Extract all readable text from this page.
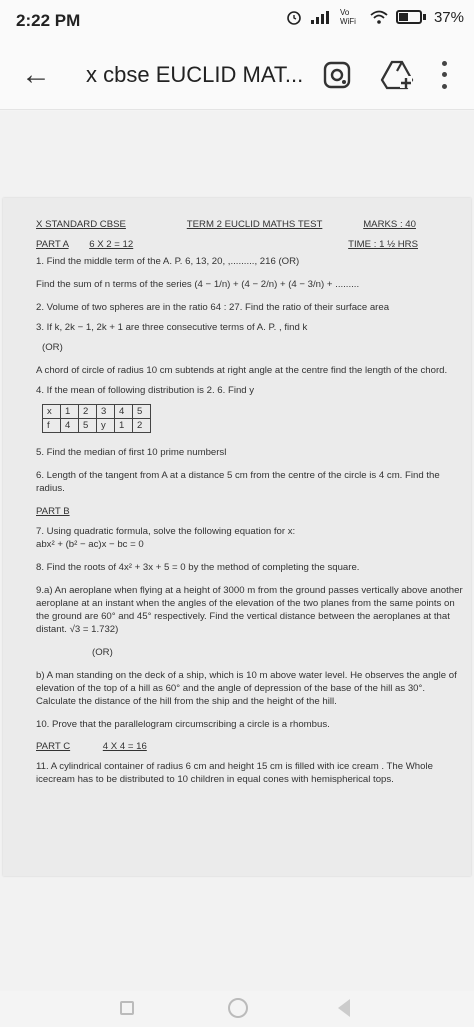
2:22 PM	Vo WiFi	37%
← x cbse EUCLID MAT...
X STANDARD CBSE	TERM 2 EUCLID MATHS TEST	MARKS : 40
PART A 6 X 2 = 12	TIME : 1 ½ HRS

1. Find the middle term of the A. P. 6, 13, 20, ,........., 216 (OR)

Find the sum of n terms of the series (4 − 1/n) + (4 − 2/n) + (4 − 3/n) + .........

2. Volume of two spheres are in the ratio 64 : 27. Find the ratio of their surface area

3. If k, 2k − 1, 2k + 1 are three consecutive terms of A. P. , find k

(OR)

A chord of circle of radius 10 cm subtends at right angle at the centre find the length of the chord.

4. If the mean of following distribution is 2. 6. Find y

x	1	2	3	4	5
f	4	5	y	1	2

5. Find the median of first 10 prime numbersl

6. Length of the tangent from A at a distance 5 cm from the centre of the circle is 4 cm. Find the radius.

PART B

7. Using quadratic formula, solve the following equation for x:

abx² + (b² − ac)x − bc = 0

8. Find the roots of 4x² + 3x + 5 = 0 by the method of completing the square.

9.a) An aeroplane when flying at a height of 3000 m from the ground passes vertically above another aeroplane at an instant when the angles of the elevation of the two planes from the same points on the ground are 60° and 45° respectively. Find the vertical distance between the aeroplanes at that distant. √3 = 1.732)

(OR)

b) A man standing on the deck of a ship, which is 10 m above water level. He observes the angle of elevation of the top of a hill as 60° and the angle of depression of the base of the hill as 30°. Calculate the distance of the hill from the ship and the height of the hill.

10. Prove that the parallelogram circumscribing a circle is a rhombus.

PART C	4 X 4 = 16

11. A cylindrical container of radius 6 cm and height 15 cm is filled with ice cream . The Whole icecream has to be distributed to 10 children in equal cones with hemispherical tops.
